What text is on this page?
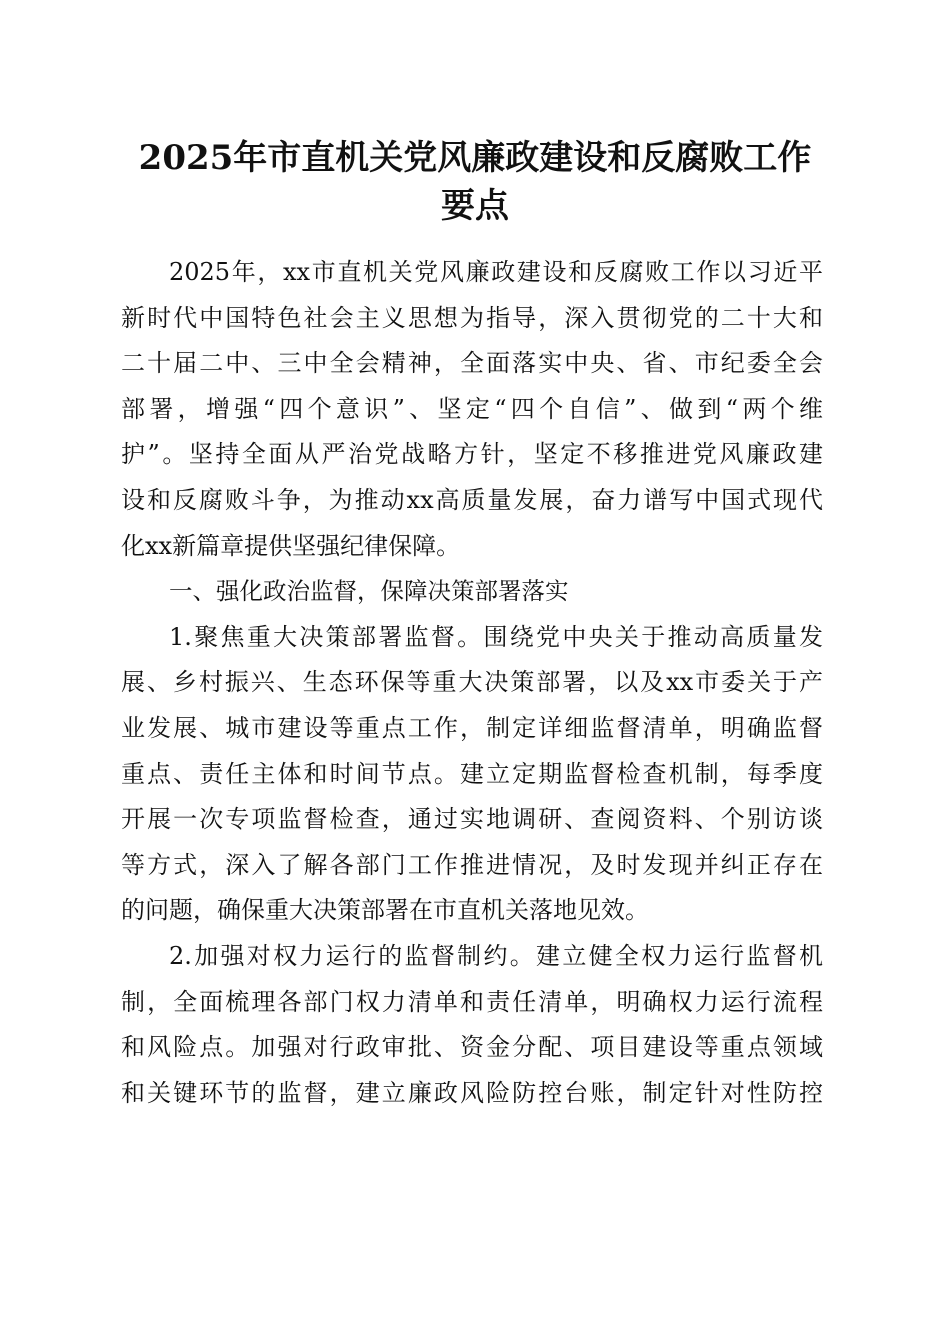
2025年市直机关党风廉政建设和反腐败工作
要点
2025年，xx市直机关党风廉政建设和反腐败工作以习近平
新时代中国特色社会主义思想为指导，深入贯彻党的二十大和
二十届二中、三中全会精神，全面落实中央、省、市纪委全会
部署，增强“四个意识”、坚定“四个自信”、做到“两个维
护”。坚持全面从严治党战略方针，坚定不移推进党风廉政建
设和反腐败斗争，为推动xx高质量发展，奋力谱写中国式现代
化xx新篇章提供坚强纪律保障。
一、强化政治监督，保障决策部署落实
1.聚焦重大决策部署监督。围绕党中央关于推动高质量发
展、乡村振兴、生态环保等重大决策部署，以及xx市委关于产
业发展、城市建设等重点工作，制定详细监督清单，明确监督
重点、责任主体和时间节点。建立定期监督检查机制，每季度
开展一次专项监督检查，通过实地调研、查阅资料、个别访谈
等方式，深入了解各部门工作推进情况，及时发现并纠正存在
的问题，确保重大决策部署在市直机关落地见效。
2.加强对权力运行的监督制约。建立健全权力运行监督机
制，全面梳理各部门权力清单和责任清单，明确权力运行流程
和风险点。加强对行政审批、资金分配、项目建设等重点领域
和关键环节的监督，建立廉政风险防控台账，制定针对性防控
